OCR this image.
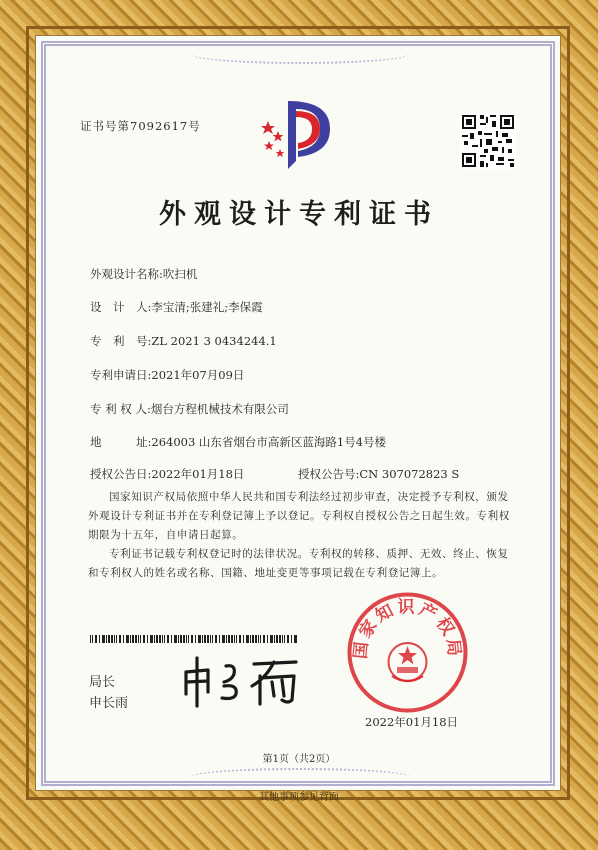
证书号第7092617号
外观设计专利证书
外观设计名称:吹扫机
设　计　人:李宝清;张建礼;李保霞
专　利　号:ZL 2021 3 0434244.1
专利申请日:2021年07月09日
专 利 权 人:烟台方程机械技术有限公司
地　　　址:264003 山东省烟台市高新区蓝海路1号4号楼
授权公告日:2022年01月18日	授权公告号:CN 307072823 S
国家知识产权局依照中华人民共和国专利法经过初步审查，决定授予专利权，颁发外观设计专利证书并在专利登记簿上予以登记。专利权自授权公告之日起生效。专利权期限为十五年，自申请日起算。
专利证书记载专利权登记时的法律状况。专利权的转移、质押、无效、终止、恢复和专利权人的姓名或名称、国籍、地址变更等事项记载在专利登记簿上。
局长
申长雨
国家知识产权局
2022年01月18日
第1页（共2页）
其他事项参见背面
